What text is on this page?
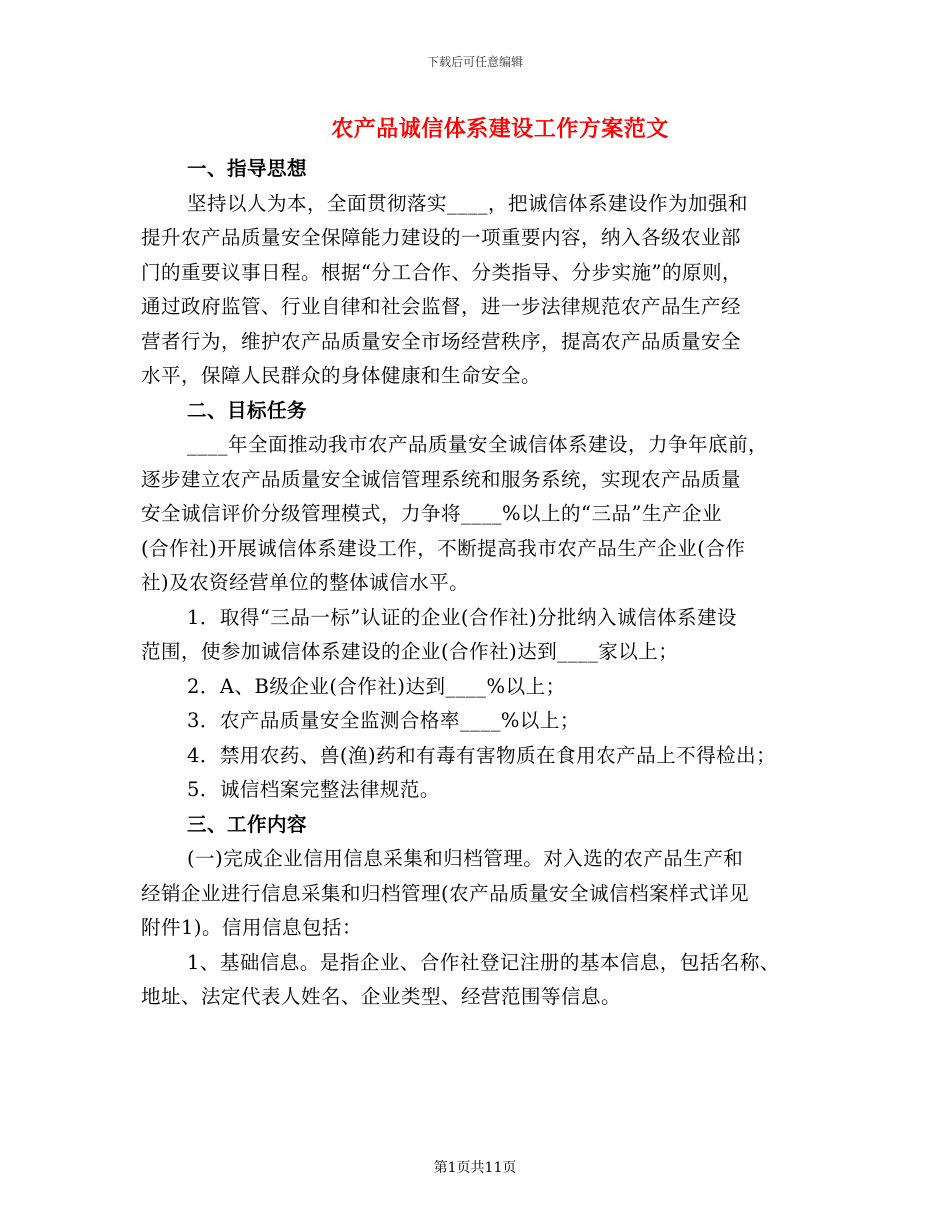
下载后可任意编辑
农产品诚信体系建设工作方案范文
一、指导思想
坚持以人为本，全面贯彻落实____，把诚信体系建设作为加强和
提升农产品质量安全保障能力建设的一项重要内容，纳入各级农业部
门的重要议事日程。根据“分工合作、分类指导、分步实施”的原则，
通过政府监管、行业自律和社会监督，进一步法律规范农产品生产经
营者行为，维护农产品质量安全市场经营秩序，提高农产品质量安全
水平，保障人民群众的身体健康和生命安全。
二、目标任务
____年全面推动我市农产品质量安全诚信体系建设，力争年底前，
逐步建立农产品质量安全诚信管理系统和服务系统，实现农产品质量
安全诚信评价分级管理模式，力争将____%以上的“三品”生产企业
(合作社)开展诚信体系建设工作，不断提高我市农产品生产企业(合作
社)及农资经营单位的整体诚信水平。
1．取得“三品一标”认证的企业(合作社)分批纳入诚信体系建设
范围，使参加诚信体系建设的企业(合作社)达到____家以上；
2．A、B级企业(合作社)达到____%以上；
3．农产品质量安全监测合格率____%以上；
4．禁用农药、兽(渔)药和有毒有害物质在食用农产品上不得检出；
5．诚信档案完整法律规范。
三、工作内容
(一)完成企业信用信息采集和归档管理。对入选的农产品生产和
经销企业进行信息采集和归档管理(农产品质量安全诚信档案样式详见
附件1)。信用信息包括：
1、基础信息。是指企业、合作社登记注册的基本信息，包括名称、
地址、法定代表人姓名、企业类型、经营范围等信息。
第1页共11页
